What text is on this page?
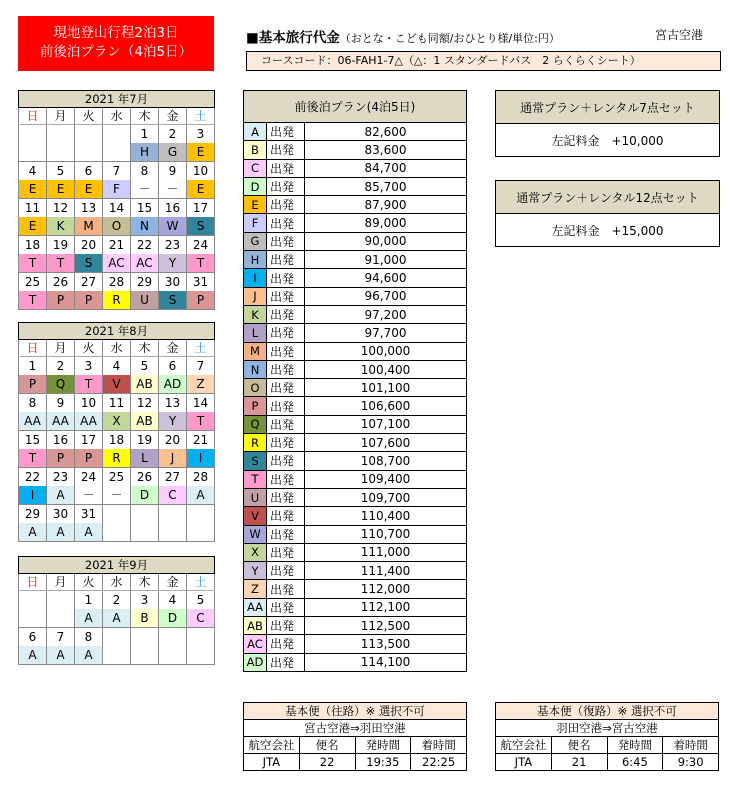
現地登山行程2泊3日
前後泊プラン（4泊5日）
■基本旅行代金（おとな・こども同額/おひとり様/単位:円）	宮古空港
コースコード：06-FAH1-7△（△：1 スタンダードバス　2 らくらくシート）
2021 年7月						
日	月	火	水	木	金	土
				1	2	3
				H	G	E
4	5	6	7	8	9	10
E	E	E	F	－	－	E
11	12	13	14	15	16	17
E	K	M	O	N	W	S
18	19	20	21	22	23	24
T	T	S	AC	AC	Y	T
25	26	27	28	29	30	31
T	P	P	R	U	S	P
2021 年8月						
日	月	火	水	木	金	土
1	2	3	4	5	6	7
P	Q	T	V	AB	AD	Z
8	9	10	11	12	13	14
AA	AA	AA	X	AB	Y	T
15	16	17	18	19	20	21
T	P	P	R	L	J	I
22	23	24	25	26	27	28
I	A	－	－	D	C	A
29	30	31				
A	A	A				
2021 年9月						
日	月	火	水	木	金	土
		1	2	3	4	5
		A	A	B	D	C
6	7	8				
A	A	A				
前後泊プラン(4泊5日)		
A	出発	82,600
B	出発	83,600
C	出発	84,700
D	出発	85,700
E	出発	87,900
F	出発	89,000
G	出発	90,000
H	出発	91,000
I	出発	94,600
J	出発	96,700
K	出発	97,200
L	出発	97,700
M	出発	100,000
N	出発	100,400
O	出発	101,100
P	出発	106,600
Q	出発	107,100
R	出発	107,600
S	出発	108,700
T	出発	109,400
U	出発	109,700
V	出発	110,400
W	出発	110,700
X	出発	111,000
Y	出発	111,400
Z	出発	112,000
AA	出発	112,100
AB	出発	112,500
AC	出発	113,500
AD	出発	114,100
通常プラン＋レンタル7点セット
左記料金　+10,000
通常プラン＋レンタル12点セット
左記料金　+15,000
基本便（往路）※ 選択不可			
宮古空港⇒羽田空港			
航空会社	便名	発時間	着時間
JTA	22	19:35	22:25
基本便（復路）※ 選択不可			
羽田空港⇒宮古空港			
航空会社	便名	発時間	着時間
JTA	21	6:45	9:30
